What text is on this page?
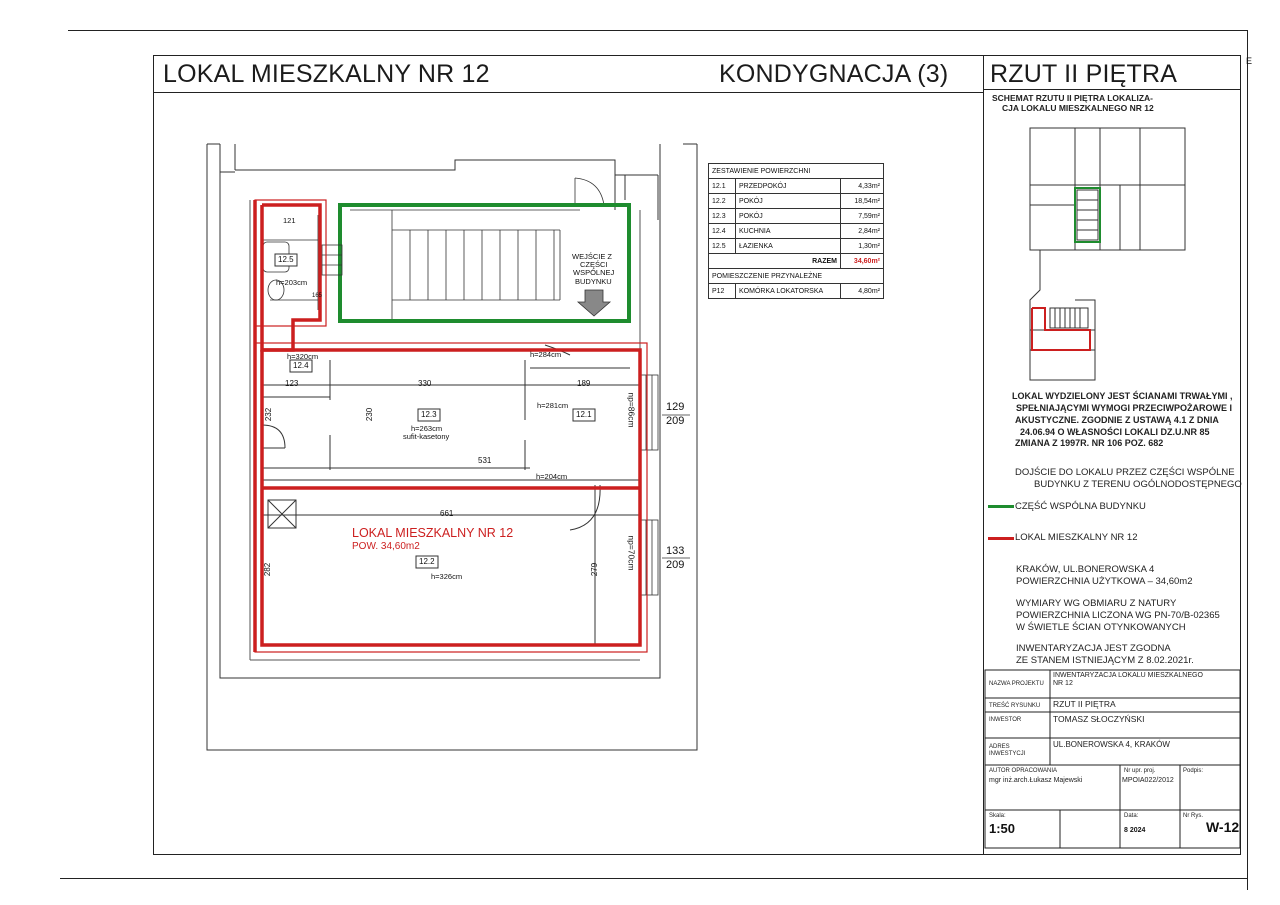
E
LOKAL MIESZKALNY NR 12	KONDYGNACJA (3) RZUT II PIĘTRA
SCHEMAT RZUTU II PIĘTRA LOKALIZA-
CJA LOKALU MIESZKALNEGO NR 12
12.5
12.4
12.3	12.1
12.2
121
h=203cm
165
h=320cm	h=284cm
123	330	189
h=281cm
232	230
h=263cm
sufit-kasetony
531
h=204cm
661
282	279
h=326cm
np=86cm
np=70cm
129
209
133
209
WEJŚCIE Z
CZĘŚCI
WSPÓLNEJ
BUDYNKU
LOKAL MIESZKALNY NR 12
POW. 34,60m2
ZESTAWIENIE POWIERZCHNI		
12.1	PRZEDPOKÓJ	4,33m²
12.2	POKÓJ	18,54m²
12.3	POKÓJ	7,59m²
12.4	KUCHNIA	2,84m²
12.5	ŁAZIENKA	1,30m²
RAZEM		34,60m²
POMIESZCZENIE PRZYNALEŻNE		
P12	KOMÓRKA LOKATORSKA	4,80m²
LOKAL WYDZIELONY JEST ŚCIANAMI TRWAŁYMI ,
SPEŁNIAJĄCYMI WYMOGI PRZECIWPOŻAROWE I
AKUSTYCZNE. ZGODNIE Z USTAWĄ 4.1 Z DNIA
24.06.94 O WŁASNOŚCI LOKALI DZ.U.NR 85
ZMIANA Z 1997R. NR 106 POZ. 682
DOJŚCIE DO LOKALU PRZEZ CZĘŚCI WSPÓLNE
BUDYNKU Z TERENU OGÓLNODOSTĘPNEGO
CZĘŚĆ WSPÓLNA BUDYNKU
LOKAL MIESZKALNY NR 12
KRAKÓW, UL.BONEROWSKA 4
POWIERZCHNIA UŻYTKOWA – 34,60m2
WYMIARY WG OBMIARU Z NATURY
POWIERZCHNIA LICZONA WG PN-70/B-02365
W ŚWIETLE ŚCIAN OTYNKOWANYCH
INWENTARYZACJA JEST ZGODNA
ZE STANEM ISTNIEJĄCYM Z 8.02.2021r.
NAZWA PROJEKTU
INWENTARYZACJA LOKALU MIESZKALNEGO
NR 12
TREŚĆ RYSUNKU RZUT II PIĘTRA
INWESTOR	TOMASZ SŁOCZYŃSKI
ADRES
INWESTYCJI
UL.BONEROWSKA 4, KRAKÓW
AUTOR OPRACOWANIA
mgr inż.arch.Łukasz Majewski
Nr upr. proj.
MPOIA022/2012
Podpis:
Skala:
1:50
Data:
8 2024
Nr Rys.
W-12
